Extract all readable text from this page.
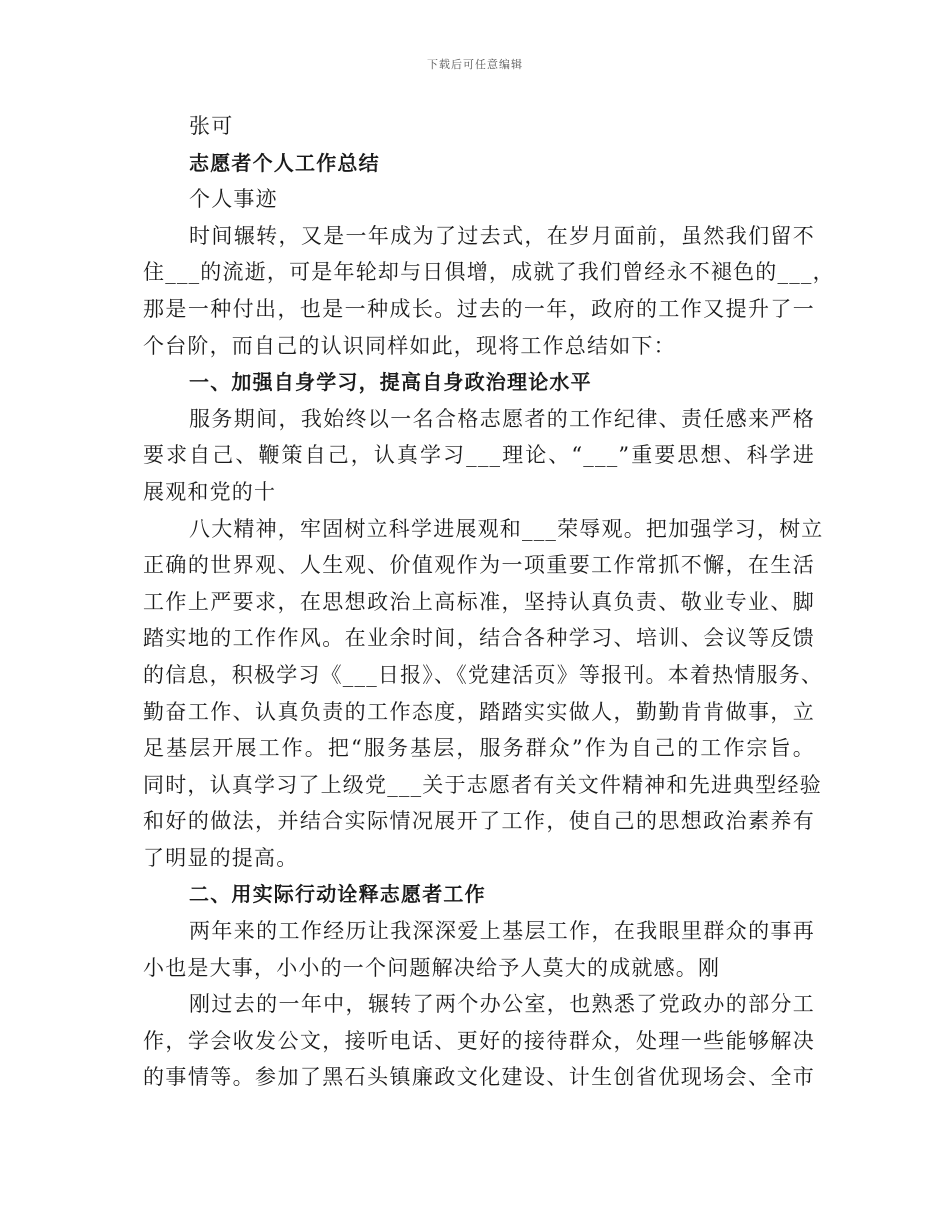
下载后可任意编辑
张可
志愿者个人工作总结
个人事迹
时间辗转，又是一年成为了过去式，在岁月面前，虽然我们留不
住___的流逝，可是年轮却与日俱增，成就了我们曾经永不褪色的___，
那是一种付出，也是一种成长。过去的一年，政府的工作又提升了一
个台阶，而自己的认识同样如此，现将工作总结如下：
一、加强自身学习，提高自身政治理论水平
服务期间，我始终以一名合格志愿者的工作纪律、责任感来严格
要求自己、鞭策自己，认真学习___理论、“___”重要思想、科学进
展观和党的十
八大精神，牢固树立科学进展观和___荣辱观。把加强学习，树立
正确的世界观、人生观、价值观作为一项重要工作常抓不懈，在生活
工作上严要求，在思想政治上高标准，坚持认真负责、敬业专业、脚
踏实地的工作作风。在业余时间，结合各种学习、培训、会议等反馈
的信息，积极学习《___日报》、《党建活页》等报刊。本着热情服务、
勤奋工作、认真负责的工作态度，踏踏实实做人，勤勤肯肯做事，立
足基层开展工作。把“服务基层，服务群众”作为自己的工作宗旨。
同时，认真学习了上级党___关于志愿者有关文件精神和先进典型经验
和好的做法，并结合实际情况展开了工作，使自己的思想政治素养有
了明显的提高。
二、用实际行动诠释志愿者工作
两年来的工作经历让我深深爱上基层工作，在我眼里群众的事再
小也是大事，小小的一个问题解决给予人莫大的成就感。刚
刚过去的一年中，辗转了两个办公室，也熟悉了党政办的部分工
作，学会收发公文，接听电话、更好的接待群众，处理一些能够解决
的事情等。参加了黑石头镇廉政文化建设、计生创省优现场会、全市
